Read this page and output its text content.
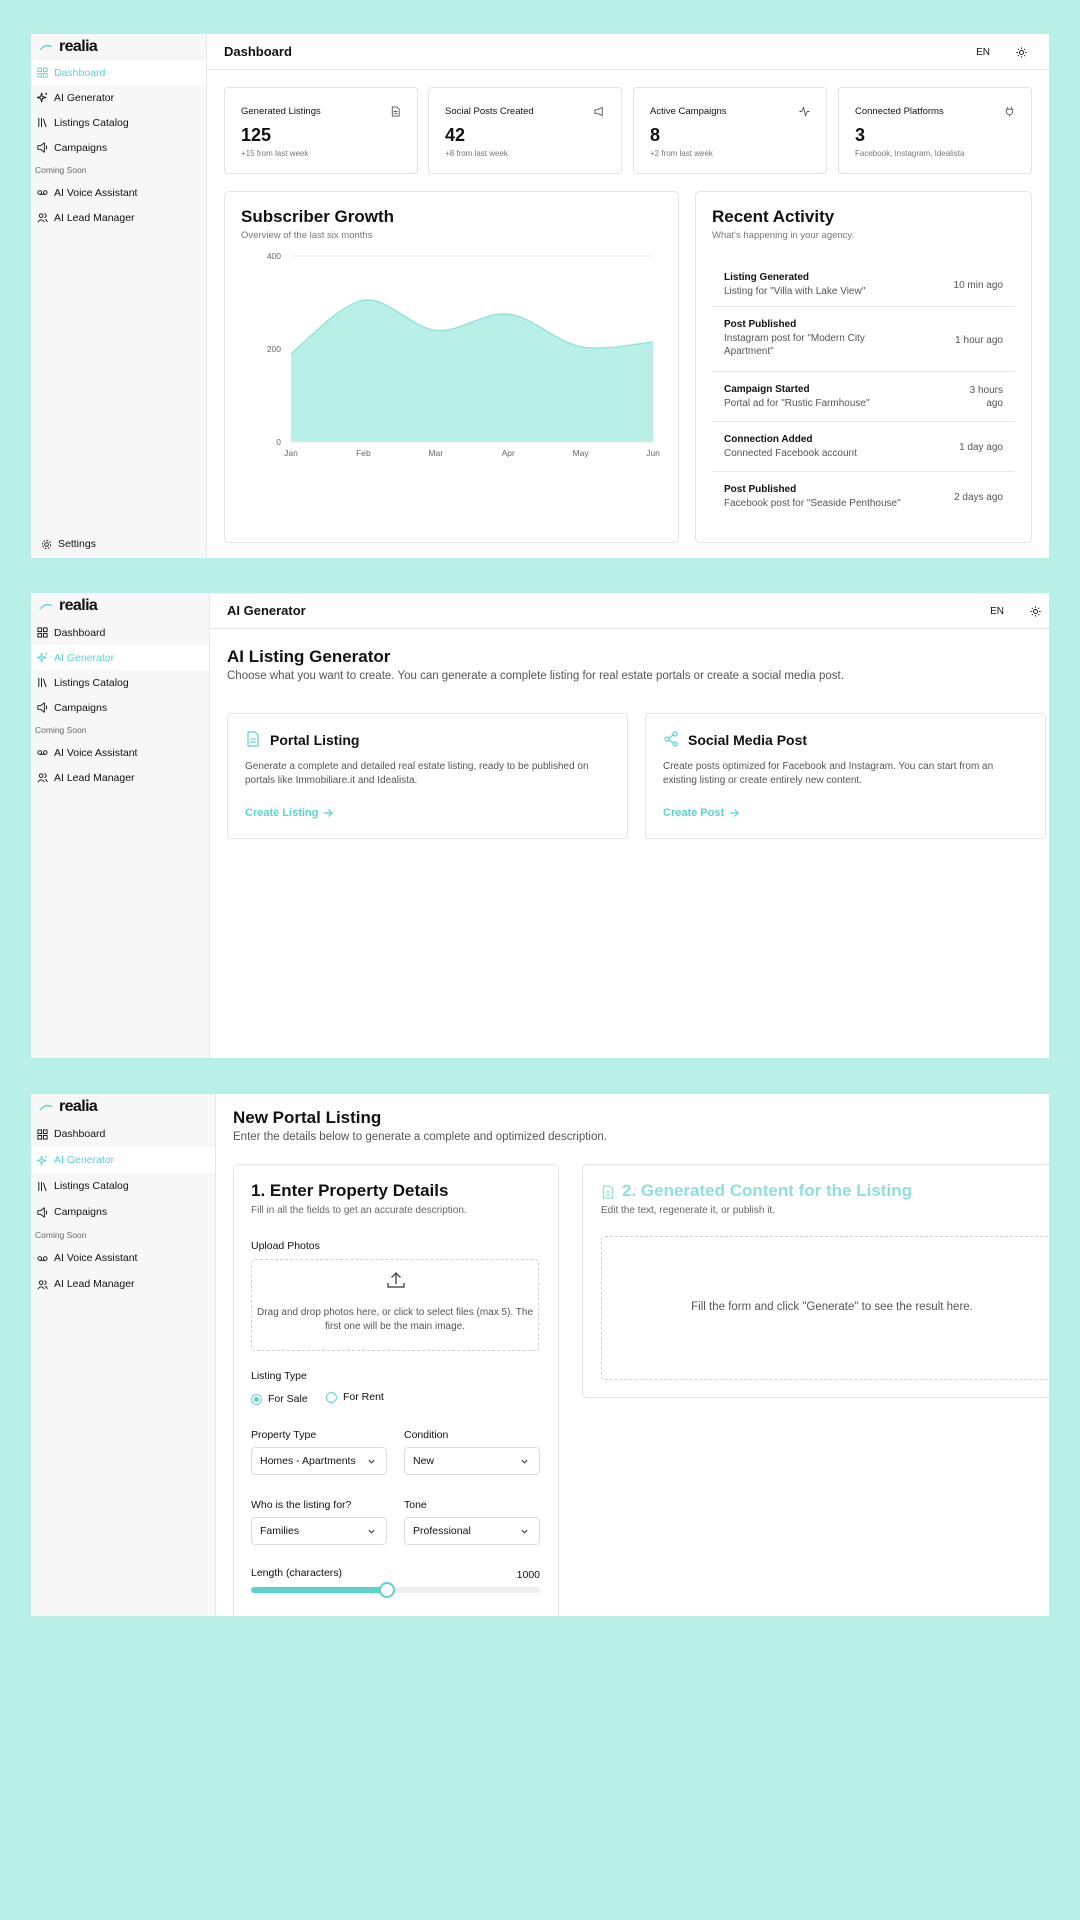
realia
Dashboard
AI Generator
Listings Catalog
Campaigns
Coming Soon
AI Voice Assistant
AI Lead Manager
Settings
Dashboard	EN
Generated Listings
125
+15 from last week
Social Posts Created
42
+8 from last week
Active Campaigns
8
+2 from last week
Connected Platforms
3
Facebook, Instagram, Idealista
Subscriber Growth
Overview of the last six months
0
200
400
Jan	Feb	Mar	Apr	May	Jun
Recent Activity
What's happening in your agency.
Listing Generated
Listing for "Villa with Lake View"
10 min ago
Post Published
Instagram post for "Modern City Apartment"
1 hour ago
Campaign Started
Portal ad for "Rustic Farmhouse"
3 hours ago
Connection Added
Connected Facebook account
1 day ago
Post Published
Facebook post for "Seaside Penthouse"
2 days ago
realia
Dashboard
AI Generator
Listings Catalog
Campaigns
Coming Soon
AI Voice Assistant
AI Lead Manager
AI Generator	EN
AI Listing Generator
Choose what you want to create. You can generate a complete listing for real estate portals or create a social media post.
Portal Listing

Generate a complete and detailed real estate listing, ready to be published on portals like Immobiliare.it and Idealista.

Create Listing
Social Media Post

Create posts optimized for Facebook and Instagram. You can start from an existing listing or create entirely new content.

Create Post
realia
Dashboard
AI Generator
Listings Catalog
Campaigns
Coming Soon
AI Voice Assistant
AI Lead Manager
New Portal Listing
Enter the details below to generate a complete and optimized description.
1. Enter Property Details
Fill in all the fields to get an accurate description.
Upload Photos
Drag and drop photos here, or click to select files (max 5). The first one will be the main image.
Listing Type
For Sale	For Rent
Property Type
Homes - Apartments
Condition
New
Who is the listing for?
Families
Tone
Professional
Length (characters)	1000
2. Generated Content for the Listing
Edit the text, regenerate it, or publish it.
Fill the form and click "Generate" to see the result here.
